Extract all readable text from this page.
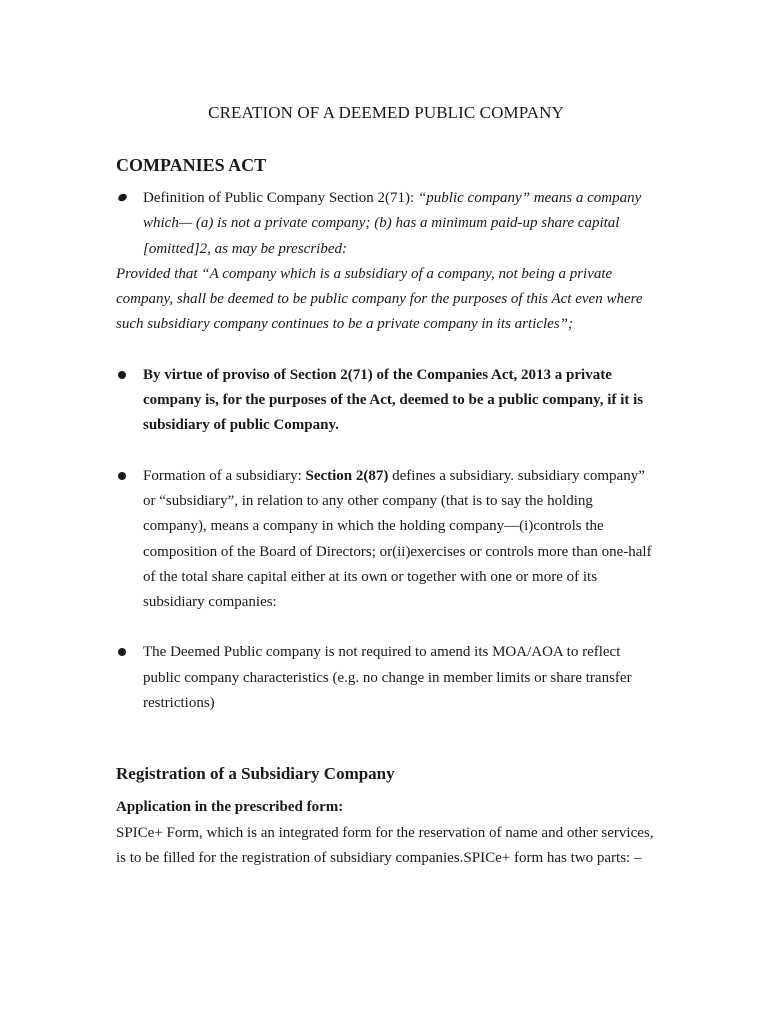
CREATION OF A DEEMED PUBLIC COMPANY
COMPANIES ACT
Definition of Public Company Section 2(71): “public company” means a company which— (a) is not a private company; (b) has a minimum paid-up share capital [omitted]2, as may be prescribed:
Provided that “A company which is a subsidiary of a company, not being a private company, shall be deemed to be public company for the purposes of this Act even where such subsidiary company continues to be a private company in its articles”;
By virtue of proviso of Section 2(71) of the Companies Act, 2013 a private company is, for the purposes of the Act, deemed to be a public company, if it is subsidiary of public Company.
Formation of a subsidiary: Section 2(87) defines a subsidiary. subsidiary company” or “subsidiary”, in relation to any other company (that is to say the holding company), means a company in which the holding company—(i)controls the composition of the Board of Directors; or(ii)exercises or controls more than one-half of the total share capital either at its own or together with one or more of its subsidiary companies:
The Deemed Public company is not required to amend its MOA/AOA to reflect public company characteristics (e.g. no change in member limits or share transfer restrictions)
Registration of a Subsidiary Company
Application in the prescribed form:
SPICe+ Form, which is an integrated form for the reservation of name and other services, is to be filled for the registration of subsidiary companies.SPICe+ form has two parts: –
